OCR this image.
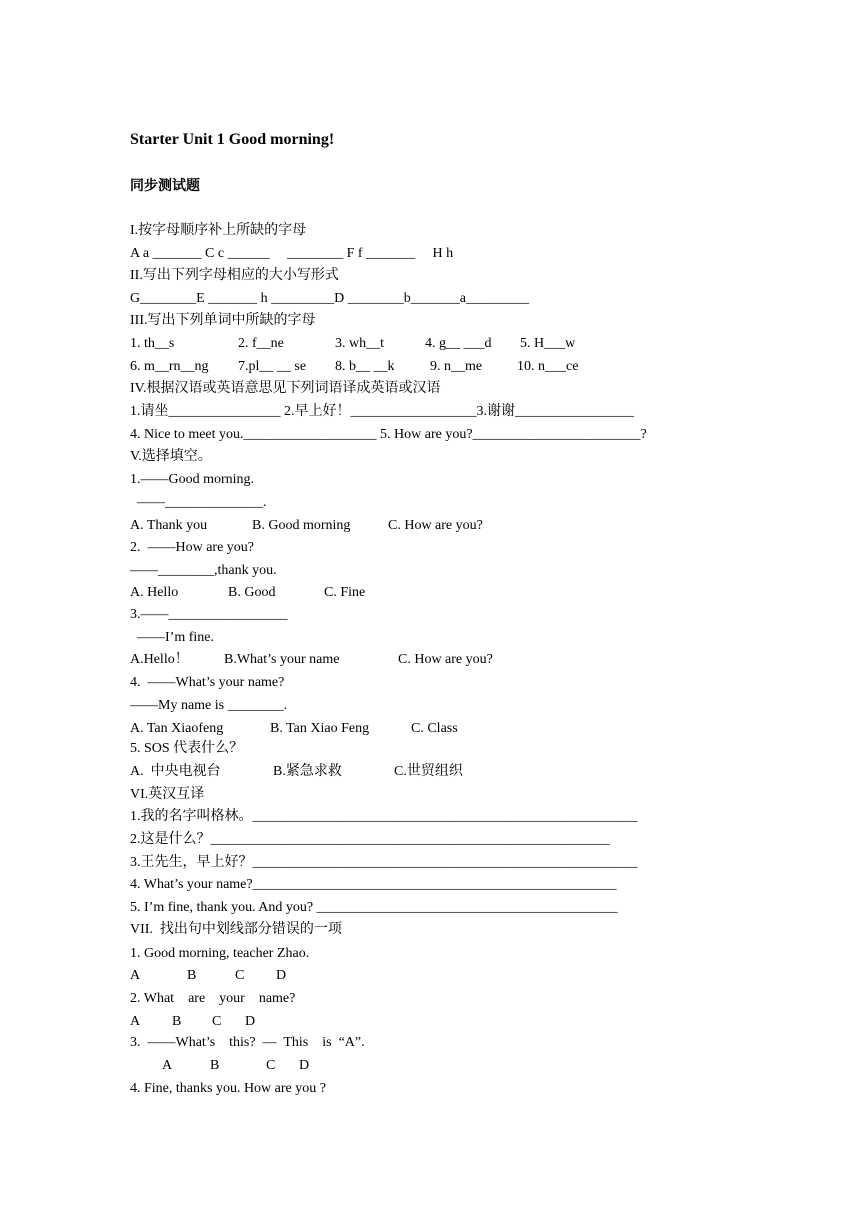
Starter Unit 1 Good morning!
同步测试题
I.按字母顺序补上所缺的字母
A a _______ C c ______     ________ F f _______     H h
II.写出下列字母相应的大小写形式
G________E _______ h _________D ________b_______a_________
III.写出下列单词中所缺的字母
1. th__s	2. f__ne	3. wh__t	4. g__ ___d 5. H___w
6. m__rn__ng 7.pl__ __ se 8. b__ __k	9. n__me 10. n___ce
IV.根据汉语或英语意思见下列词语译成英语或汉语
1.请坐________________ 2.早上好！__________________3.谢谢_________________
4. Nice to meet you.___________________ 5. How are you?________________________?
V.选择填空。
1.——Good morning.
——______________.
A. Thank you	B. Good morning	C. How are you?
2.  ——How are you?
——________,thank you.
A. Hello	B. Good	C. Fine
3.——_________________
——I’m fine.
A.Hello！	B.What’s your name	C. How are you?
4.  ——What’s your name?
——My name is ________.
A. Tan Xiaofeng	B. Tan Xiao Feng	C. Class
5. SOS 代表什么？
A.  中央电视台	B.紧急求救	C.世贸组织
VI.英汉互译
1.我的名字叫格林。_______________________________________________________
2.这是什么？_________________________________________________________
3.王先生，早上好？_______________________________________________________
4. What’s your name?____________________________________________________
5. I’m fine, thank you. And you? ___________________________________________
VII.  找出句中划线部分错误的一项
1. Good morning, teacher Zhao.
A	B	C D
2. What    are    your    name?
A B C D
3.  ——What’s    this?  —  This    is  “A”.
A	B	C D
4. Fine, thanks you. How are you ?
